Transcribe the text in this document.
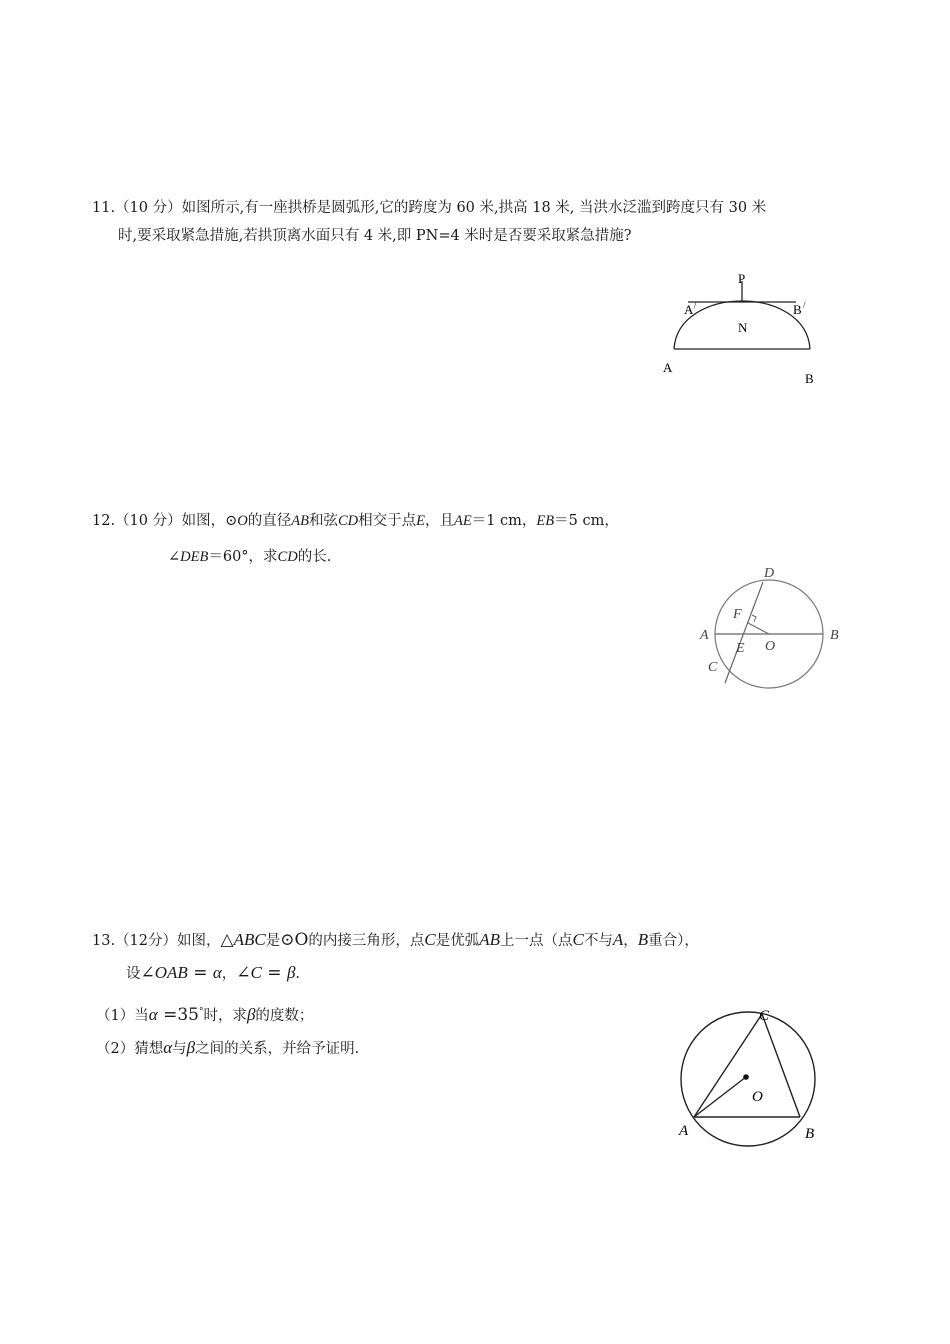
11.（10 分）如图所示,有一座拱桥是圆弧形,它的跨度为 60 米,拱高 18 米, 当洪水泛滥到跨度只有 30 米
时,要采取紧急措施,若拱顶离水面只有 4 米,即 PN=4 米时是否要采取紧急措施?
P
A /	B /
N
A
B
12.（10 分）如图，⊙O的直径AB和弦CD相交于点E，且AE＝1 cm，EB＝5 cm，
∠DEB＝60°，求CD的长.
D
F
A
O
B
E
C
13.（12分）如图，△ABC是⊙O的内接三角形，点C是优弧AB上一点（点C不与A，B重合），
设∠OAB = α，∠C = β.
（1）当α =35°时，求β的度数；
（2）猜想α与β之间的关系，并给予证明.
C
O
A	B
